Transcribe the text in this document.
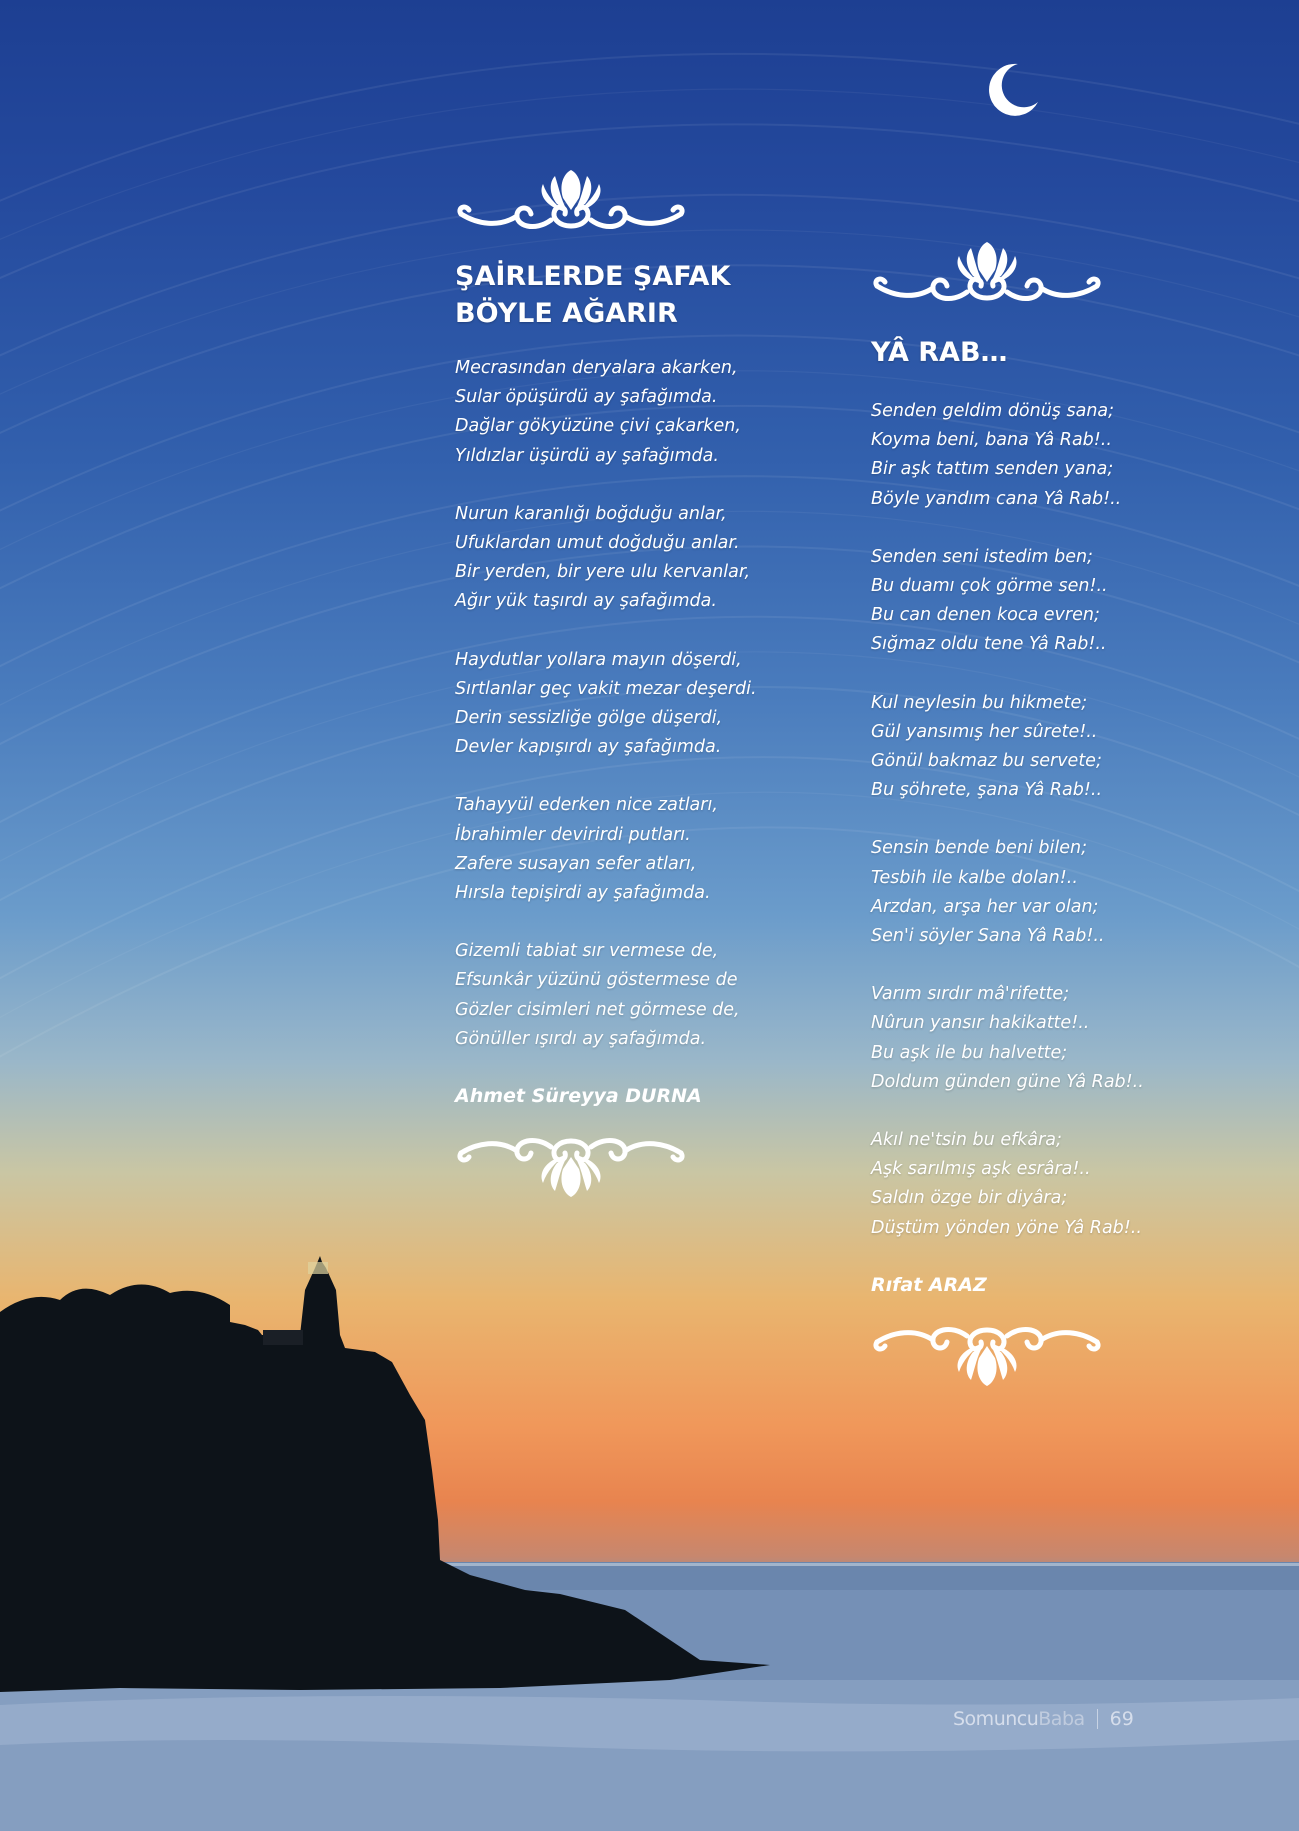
ŞAİRLERDE ŞAFAK
BÖYLE AĞARIR
Mecrasından deryalara akarken,
Sular öpüşürdü ay şafağımda.
Dağlar gökyüzüne çivi çakarken,
Yıldızlar üşürdü ay şafağımda.
Nurun karanlığı boğduğu anlar,
Ufuklardan umut doğduğu anlar.
Bir yerden, bir yere ulu kervanlar,
Ağır yük taşırdı ay şafağımda.
Haydutlar yollara mayın döşerdi,
Sırtlanlar geç vakit mezar deşerdi.
Derin sessizliğe gölge düşerdi,
Devler kapışırdı ay şafağımda.
Tahayyül ederken nice zatları,
İbrahimler devirirdi putları.
Zafere susayan sefer atları,
Hırsla tepişirdi ay şafağımda.
Gizemli tabiat sır vermese de,
Efsunkâr yüzünü göstermese de
Gözler cisimleri net görmese de,
Gönüller ışırdı ay şafağımda.
Ahmet Süreyya DURNA
YÂ RAB…
Senden geldim dönüş sana;
Koyma beni, bana Yâ Rab!..
Bir aşk tattım senden yana;
Böyle yandım cana Yâ Rab!..
Senden seni istedim ben;
Bu duamı çok görme sen!..
Bu can denen koca evren;
Sığmaz oldu tene Yâ Rab!..
Kul neylesin bu hikmete;
Gül yansımış her sûrete!..
Gönül bakmaz bu servete;
Bu şöhrete, şana Yâ Rab!..
Sensin bende beni bilen;
Tesbih ile kalbe dolan!..
Arzdan, arşa her var olan;
Sen'i söyler Sana Yâ Rab!..
Varım sırdır mâ'rifette;
Nûrun yansır hakikatte!..
Bu aşk ile bu halvette;
Doldum günden güne Yâ Rab!..
Akıl ne'tsin bu efkâra;
Aşk sarılmış aşk esrâra!..
Saldın özge bir diyâra;
Düştüm yönden yöne Yâ Rab!..
Rıfat ARAZ
Somuncu Baba 69
